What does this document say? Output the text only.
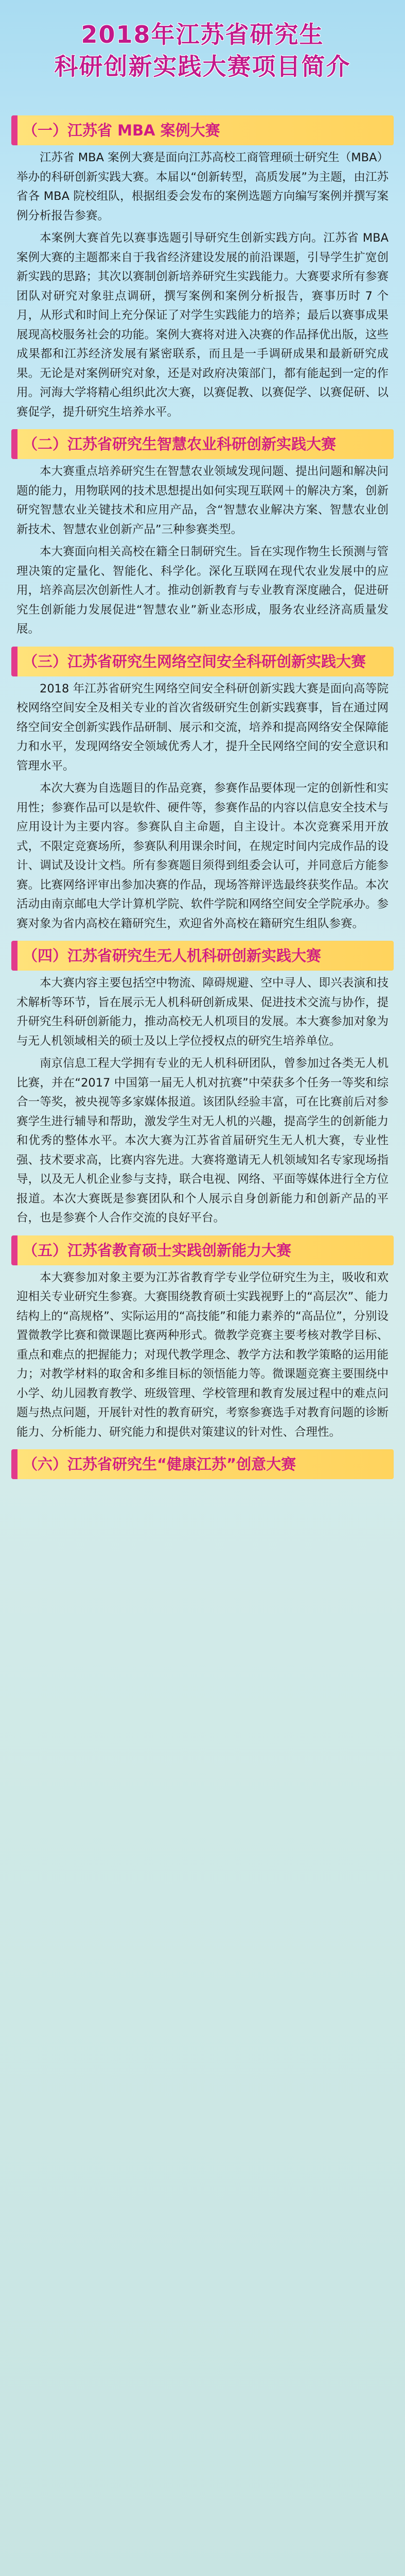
2018年江苏省研究生
科研创新实践大赛项目简介
（一）江苏省 MBA 案例大赛

江苏省 MBA 案例大赛是面向江苏高校工商管理硕士研究生（MBA）举办的科研创新实践大赛。本届以“创新转型，高质发展”为主题，由江苏省各 MBA 院校组队，根据组委会发布的案例选题方向编写案例并撰写案例分析报告参赛。

本案例大赛首先以赛事选题引导研究生创新实践方向。江苏省 MBA 案例大赛的主题都来自于我省经济建设发展的前沿课题，引导学生扩宽创新实践的思路；其次以赛制创新培养研究生实践能力。大赛要求所有参赛团队对研究对象驻点调研，撰写案例和案例分析报告，赛事历时 7 个月，从形式和时间上充分保证了对学生实践能力的培养；最后以赛事成果展现高校服务社会的功能。案例大赛将对进入决赛的作品择优出版，这些成果都和江苏经济发展有紧密联系，而且是一手调研成果和最新研究成果。无论是对案例研究对象，还是对政府决策部门，都有能起到一定的作用。河海大学将精心组织此次大赛，以赛促教、以赛促学、以赛促研、以赛促学，提升研究生培养水平。

（二）江苏省研究生智慧农业科研创新实践大赛

本大赛重点培养研究生在智慧农业领域发现问题、提出问题和解决问题的能力，用物联网的技术思想提出如何实现互联网＋的解决方案，创新研究智慧农业关键技术和应用产品，含“智慧农业解决方案、智慧农业创新技术、智慧农业创新产品”三种参赛类型。

本大赛面向相关高校在籍全日制研究生。旨在实现作物生长预测与管理决策的定量化、智能化、科学化。深化互联网在现代农业发展中的应用，培养高层次创新性人才。推动创新教育与专业教育深度融合，促进研究生创新能力发展促进“智慧农业”新业态形成，服务农业经济高质量发展。

（三）江苏省研究生网络空间安全科研创新实践大赛

2018 年江苏省研究生网络空间安全科研创新实践大赛是面向高等院校网络空间安全及相关专业的首次省级研究生创新实践赛事，旨在通过网络空间安全创新实践作品研制、展示和交流，培养和提高网络安全保障能力和水平，发现网络安全领域优秀人才，提升全民网络空间的安全意识和管理水平。

本次大赛为自选题目的作品竞赛，参赛作品要体现一定的创新性和实用性；参赛作品可以是软件、硬件等，参赛作品的内容以信息安全技术与应用设计为主要内容。参赛队自主命题，自主设计。本次竞赛采用开放式，不限定竞赛场所，参赛队利用课余时间，在规定时间内完成作品的设计、调试及设计文档。所有参赛题目须得到组委会认可，并同意后方能参赛。比赛网络评审出参加决赛的作品，现场答辩评选最终获奖作品。本次活动由南京邮电大学计算机学院、软件学院和网络空间安全学院承办。参赛对象为省内高校在籍研究生，欢迎省外高校在籍研究生组队参赛。

（四）江苏省研究生无人机科研创新实践大赛

本大赛内容主要包括空中物流、障碍规避、空中寻人、即兴表演和技术解析等环节，旨在展示无人机科研创新成果、促进技术交流与协作，提升研究生科研创新能力，推动高校无人机项目的发展。本大赛参加对象为与无人机领域相关的硕士及以上学位授权点的研究生培养单位。

南京信息工程大学拥有专业的无人机科研团队，曾参加过各类无人机比赛，并在“2017 中国第一届无人机对抗赛”中荣获多个任务一等奖和综合一等奖，被央视等多家媒体报道。该团队经验丰富，可在比赛前后对参赛学生进行辅导和帮助，激发学生对无人机的兴趣，提高学生的创新能力和优秀的整体水平。本次大赛为江苏省首届研究生无人机大赛，专业性强、技术要求高，比赛内容先进。大赛将邀请无人机领域知名专家现场指导，以及无人机企业参与支持，联合电视、网络、平面等媒体进行全方位报道。本次大赛既是参赛团队和个人展示自身创新能力和创新产品的平台，也是参赛个人合作交流的良好平台。

（五）江苏省教育硕士实践创新能力大赛

本大赛参加对象主要为江苏省教育学专业学位研究生为主，吸收和欢迎相关专业研究生参赛。大赛围绕教育硕士实践视野上的“高层次”、能力结构上的“高规格”、实际运用的“高技能”和能力素养的“高品位”，分别设置微教学比赛和微课题比赛两种形式。微教学竞赛主要考核对教学目标、重点和难点的把握能力；对现代教学理念、教学方法和教学策略的运用能力；对教学材料的取舍和多维目标的领悟能力等。微课题竞赛主要围绕中小学、幼儿园教育教学、班级管理、学校管理和教育发展过程中的难点问题与热点问题，开展针对性的教育研究，考察参赛选手对教育问题的诊断能力、分析能力、研究能力和提供对策建议的针对性、合理性。

（六）江苏省研究生“健康江苏”创意大赛
